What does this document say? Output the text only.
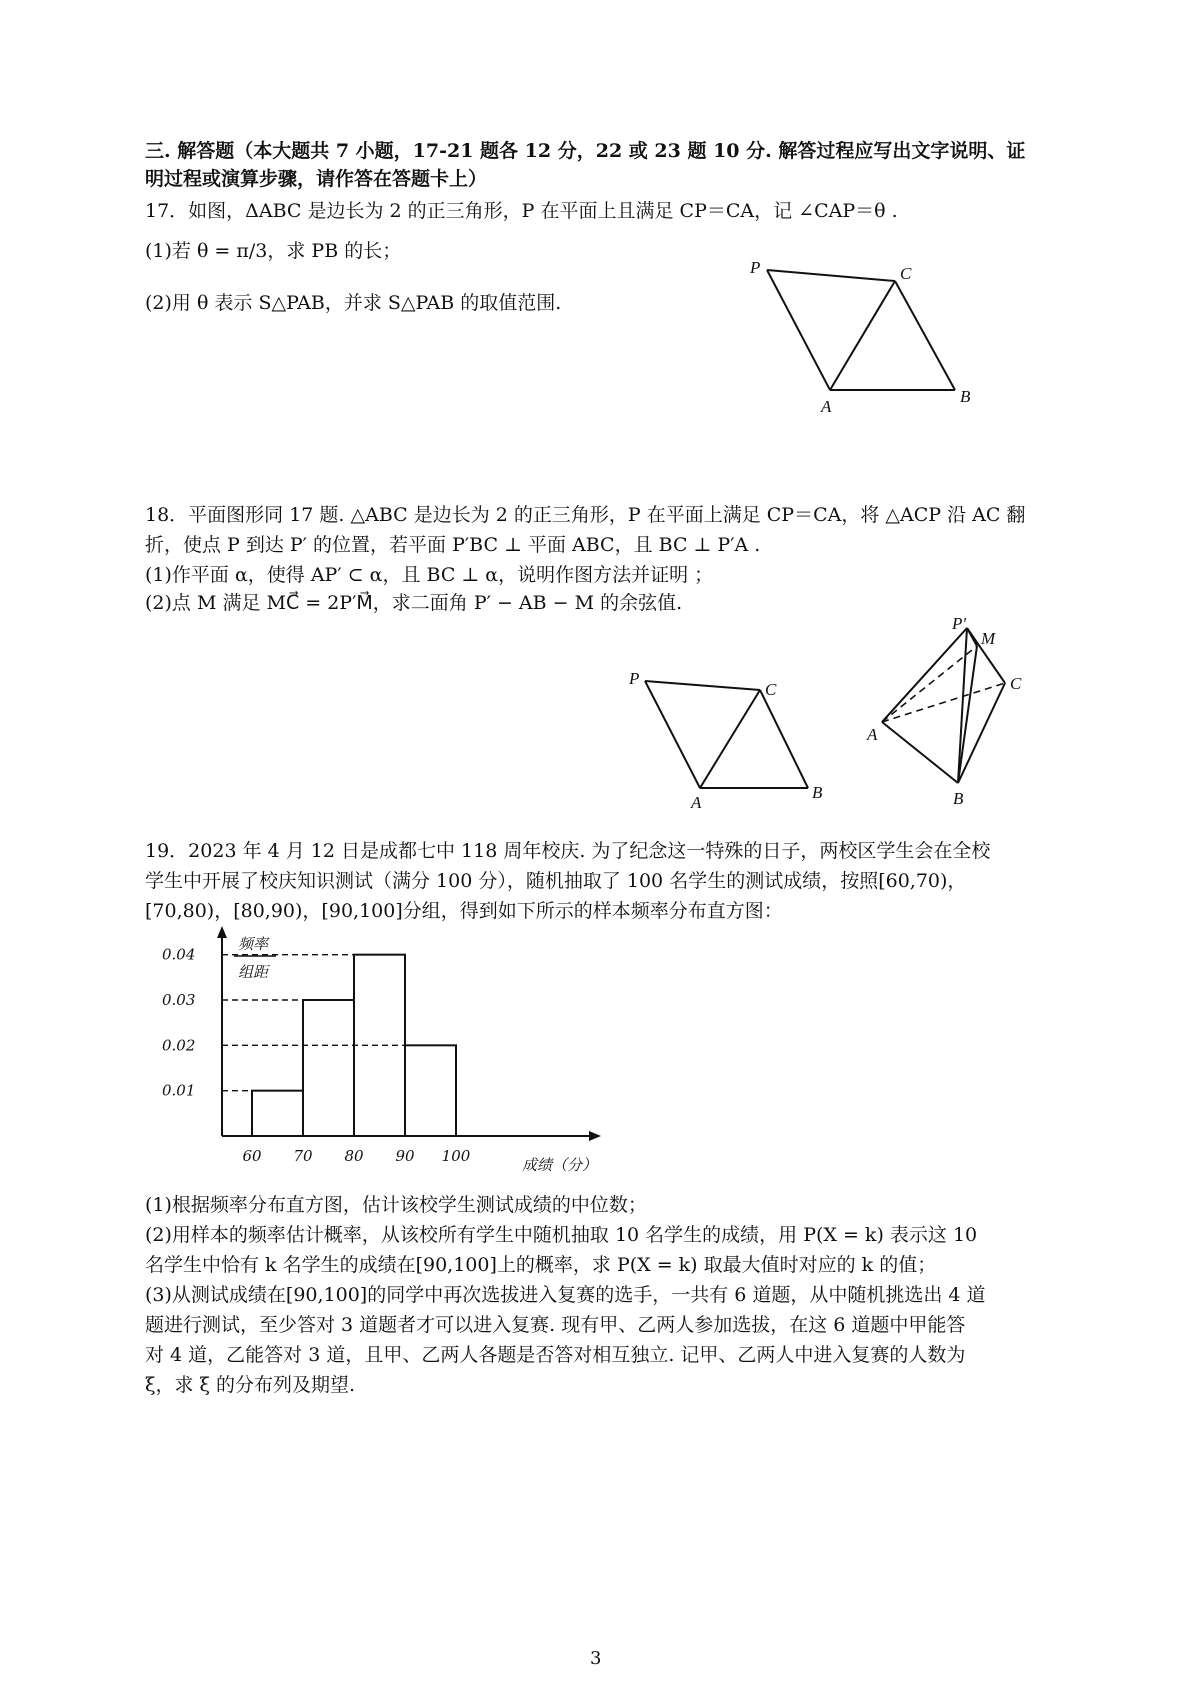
三. 解答题（本大题共 7 小题，17-21 题各 12 分，22 或 23 题 10 分. 解答过程应写出文字说明、证
明过程或演算步骤，请作答在答题卡上）
17．如图，ΔABC 是边长为 2 的正三角形，P 在平面上且满足 CP＝CA，记 ∠CAP＝θ .
(1)若 θ = π/3，求 PB 的长；
(2)用 θ 表示 S△PAB，并求 S△PAB 的取值范围.
P	C
A
B
18．平面图形同 17 题. △ABC 是边长为 2 的正三角形，P 在平面上满足 CP＝CA，将 △ACP 沿 AC 翻
折，使点 P 到达 P′ 的位置，若平面 P′BC ⊥ 平面 ABC，且 BC ⊥ P′A .
(1)作平面 α，使得 AP′ ⊂ α，且 BC ⊥ α，说明作图方法并证明 ；
(2)点 M 满足 MC⃗ = 2P′M⃗，求二面角 P′ − AB − M 的余弦值.
P
C
A
B
P′
M
C
A
B
19．2023 年 4 月 12 日是成都七中 118 周年校庆. 为了纪念这一特殊的日子，两校区学生会在全校
学生中开展了校庆知识测试（满分 100 分），随机抽取了 100 名学生的测试成绩，按照[60,70)，
[70,80)，[80,90)，[90,100]分组，得到如下所示的样本频率分布直方图：
频率
组距
0.01
0.02
0.03
0.04
60 70 80 90 100	成绩（分）
(1)根据频率分布直方图，估计该校学生测试成绩的中位数；
(2)用样本的频率估计概率，从该校所有学生中随机抽取 10 名学生的成绩，用 P(X = k) 表示这 10
名学生中恰有 k 名学生的成绩在[90,100]上的概率，求 P(X = k) 取最大值时对应的 k 的值；
(3)从测试成绩在[90,100]的同学中再次选拔进入复赛的选手，一共有 6 道题，从中随机挑选出 4 道
题进行测试，至少答对 3 道题者才可以进入复赛. 现有甲、乙两人参加选拔，在这 6 道题中甲能答
对 4 道，乙能答对 3 道，且甲、乙两人各题是否答对相互独立. 记甲、乙两人中进入复赛的人数为
ξ，求 ξ 的分布列及期望.
3
